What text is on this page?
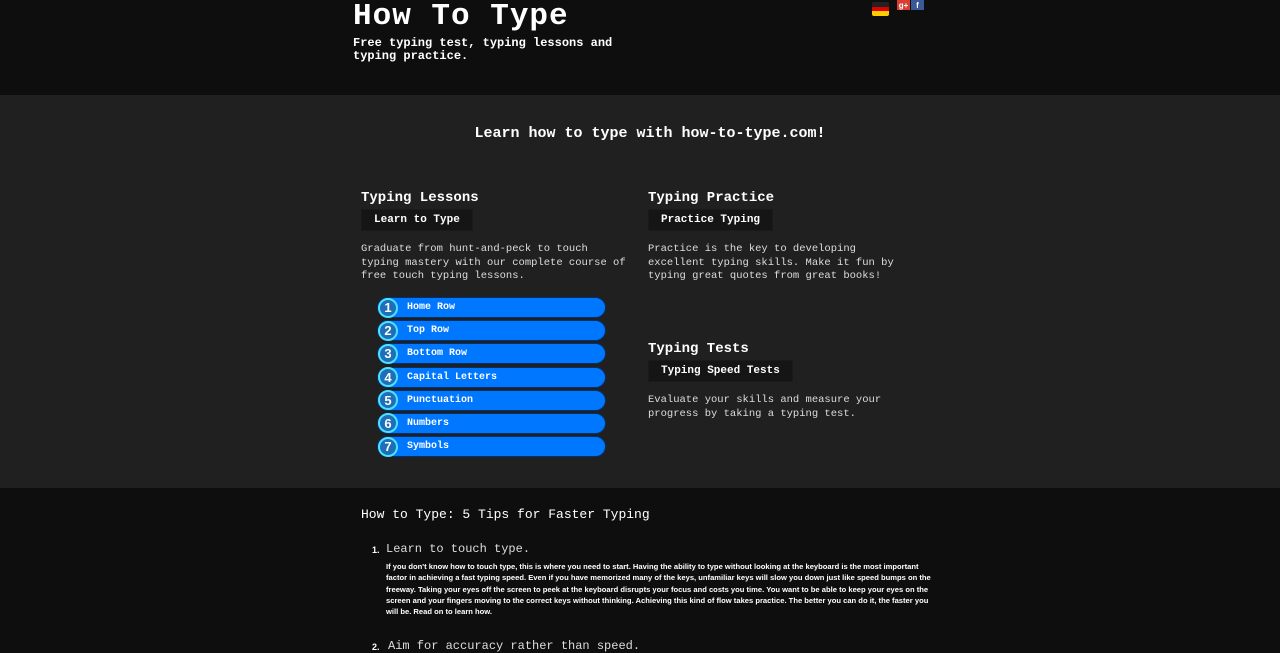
How To Type
Free typing test, typing lessons and typing practice.
g+ f
Learn how to type with how-to-type.com!
Typing Lessons
Learn to Type

Graduate from hunt-and-peck to touch typing mastery with our complete course of free touch typing lessons.

Typing Practice
Practice Typing

Practice is the key to developing excellent typing skills. Make it fun by typing great quotes from great books!

Typing Tests
Typing Speed Tests

Evaluate your skills and measure your progress by taking a typing test.

1	Home Row
2	Top Row
3	Bottom Row
4	Capital Letters
5	Punctuation
6	Numbers
7	Symbols
How to Type: 5 Tips for Faster Typing
1. Learn to touch type.
If you don't know how to touch type, this is where you need to start. Having the ability to type without looking at the keyboard is the most important factor in achieving a fast typing speed. Even if you have memorized many of the keys, unfamiliar keys will slow you down just like speed bumps on the freeway. Taking your eyes off the screen to peek at the keyboard disrupts your focus and costs you time. You want to be able to keep your eyes on the screen and your fingers moving to the correct keys without thinking. Achieving this kind of flow takes practice. The better you can do it, the faster you will be. Read on to learn how.
2. Aim for accuracy rather than speed.
